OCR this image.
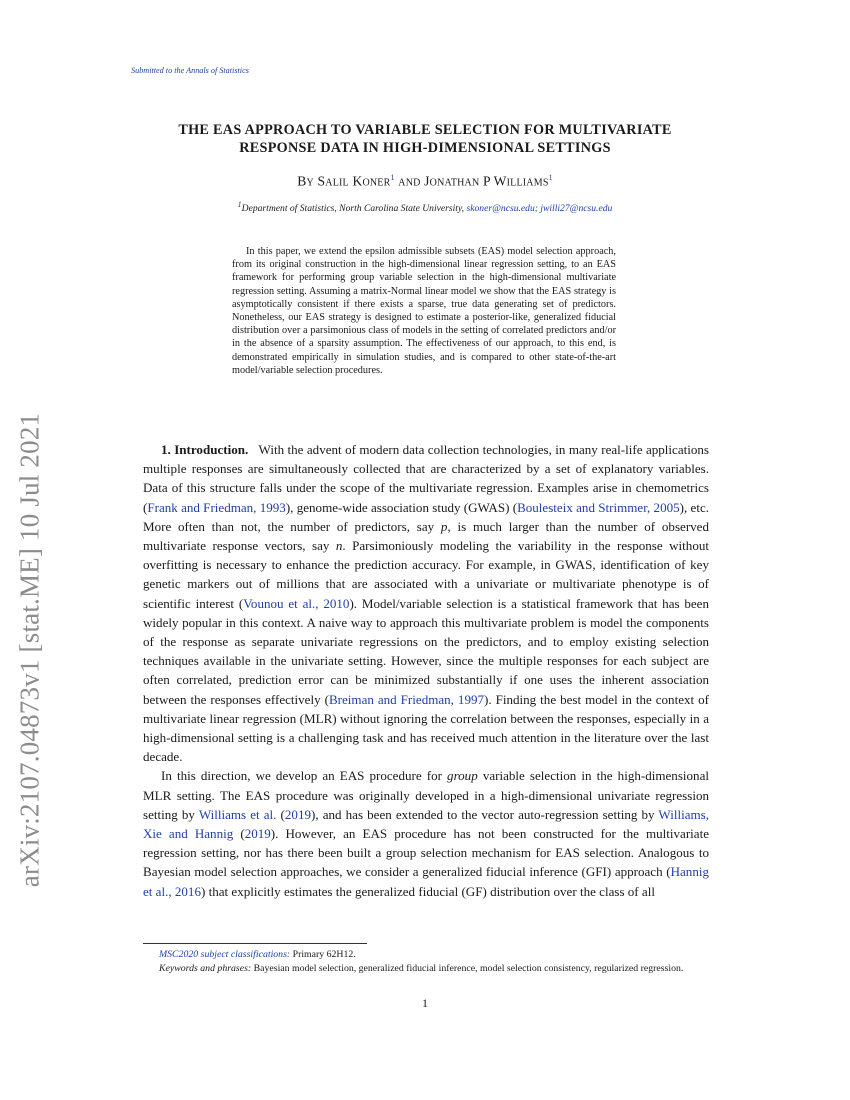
Submitted to the Annals of Statistics
arXiv:2107.04873v1 [stat.ME] 10 Jul 2021
THE EAS APPROACH TO VARIABLE SELECTION FOR MULTIVARIATE
RESPONSE DATA IN HIGH-DIMENSIONAL SETTINGS
By Salil Koner$^1$ and Jonathan P Williams$^1$
$^1$Department of Statistics, North Carolina State University, skoner@ncsu.edu; jwilli27@ncsu.edu

In this paper, we extend the epsilon admissible subsets (EAS) model selection approach, from its original construction in the high-dimensional linear regression setting, to an EAS framework for performing group variable selection in the high-dimensional multivariate regression setting. Assuming a matrix-Normal linear model we show that the EAS strategy is asymptotically consistent if there exists a sparse, true data generating set of predictors. Nonetheless, our EAS strategy is designed to estimate a posterior-like, generalized fiducial distribution over a parsimonious class of models in the setting of correlated predictors and/or in the absence of a sparsity assumption. The effectiveness of our approach, to this end, is demonstrated empirically in simulation studies, and is compared to other state-of-the-art model/variable selection procedures.

1. Introduction. With the advent of modern data collection technologies, in many real-life applications multiple responses are simultaneously collected that are characterized by a set of explanatory variables. Data of this structure falls under the scope of the multivariate regression. Examples arise in chemometrics (Frank and Friedman, 1993), genome-wide association study (GWAS) (Boulesteix and Strimmer, 2005), etc. More often than not, the number of predictors, say p, is much larger than the number of observed multivariate response vectors, say n. Parsimoniously modeling the variability in the response without overfitting is necessary to enhance the prediction accuracy. For example, in GWAS, identification of key genetic markers out of millions that are associated with a univariate or multivariate phenotype is of scientific interest (Vounou et al., 2010). Model/variable selection is a statistical framework that has been widely popular in this context. A naive way to approach this multivariate problem is model the components of the response as separate univariate regressions on the predictors, and to employ existing selection techniques available in the univariate setting. However, since the multiple responses for each subject are often correlated, prediction error can be minimized substantially if one uses the inherent association between the responses effectively (Breiman and Friedman, 1997). Finding the best model in the context of multivariate linear regression (MLR) without ignoring the correlation between the responses, especially in a high-dimensional setting is a challenging task and has received much attention in the literature over the last decade.

In this direction, we develop an EAS procedure for group variable selection in the high-dimensional MLR setting. The EAS procedure was originally developed in a high-dimensional univariate regression setting by Williams et al. (2019), and has been extended to the vector auto-regression setting by Williams, Xie and Hannig (2019). However, an EAS procedure has not been constructed for the multivariate regression setting, nor has there been built a group selection mechanism for EAS selection. Analogous to Bayesian model selection approaches, we consider a generalized fiducial inference (GFI) approach (Hannig et al., 2016) that explicitly estimates the generalized fiducial (GF) distribution over the class of all

MSC2020 subject classifications: Primary 62H12.

Keywords and phrases: Bayesian model selection, generalized fiducial inference, model selection consistency, regularized regression.

1
